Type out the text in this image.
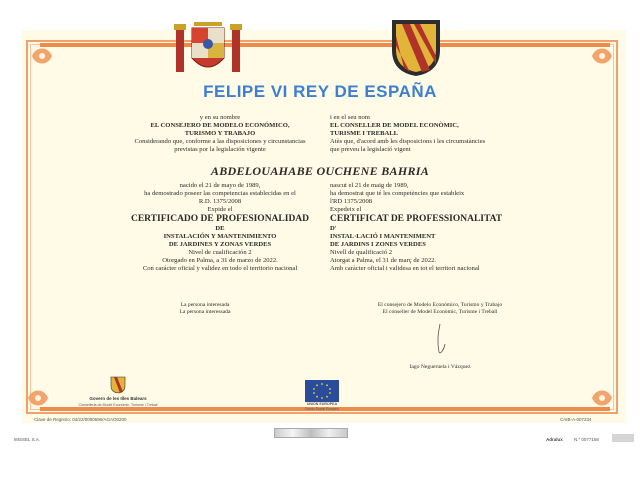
FELIPE VI REY DE ESPAÑA
y en su nombre
EL CONSEJERO DE MODELO ECONÓMICO,
TURISMO Y TRABAJO
Considerando que, conforme a las disposiciones y circunstancias
previstas por la legislación vigente
i en el seu nom
EL CONSELLER DE MODEL ECONÒMIC,
TURISME I TREBALL
Atès que, d'acord amb les disposicions i les circumstàncies
que preveu la legislació vigent
ABDELOUAHABE OUCHENE BAHRIA
nacido el 21 de mayo de 1989,
ha demostrado poseer las competencias establecidas en el
R.D. 1375/2008
Expide el
CERTIFICADO DE PROFESIONALIDAD
DE
INSTALACIÓN Y MANTENIMIENTO
DE JARDINES Y ZONAS VERDES
Nivel de cualificación 2
Otorgado en Palma, a 31 de marzo de 2022.
Con carácter oficial y validez en todo el territorio nacional
nascut el 21 de maig de 1989,
ha demostrat que té les competències que estableix
l'RD 1375/2008
Expedeix el
CERTIFICAT DE PROFESSIONALITAT
D'
INSTAL·LACIÓ I MANTENIMENT
DE JARDINS I ZONES VERDES
Nivell de qualificació 2
Atorgat a Palma, el 31 de març de 2022.
Amb caràcter oficial i validesa en tot el territori nacional
La persona interesada
La persona interessada
El consejero de Modelo Económico, Turismo y Trabajo
El conseller de Model Econòmic, Turisme i Treball
Iago Negueruela i Vázquez
Govern de les Illes Balears
Conselleria de Model Econòmic, Turisme i Treball	UNIÓN EUROPEA
Fondo Social Europeo
Clave de Registro: 04/22/0000590/AGAO0200	CAIB-A-007234
IMSSEL S.A.	Adralux	N.º 0077168
